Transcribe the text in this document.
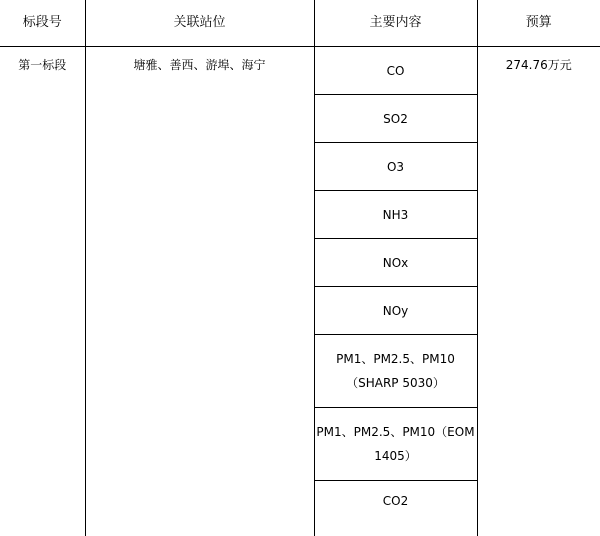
标段号	关联站位	主要内容	预算
第一标段	塘雅、善西、游埠、海宁	CO	274.76万元
		SO2	
		O3	
		NH3	
		NOx	
		NOy	
		PM1、PM2.5、PM10（SHARP 5030）	
		PM1、PM2.5、PM10（EOM 1405）	
		CO2	
